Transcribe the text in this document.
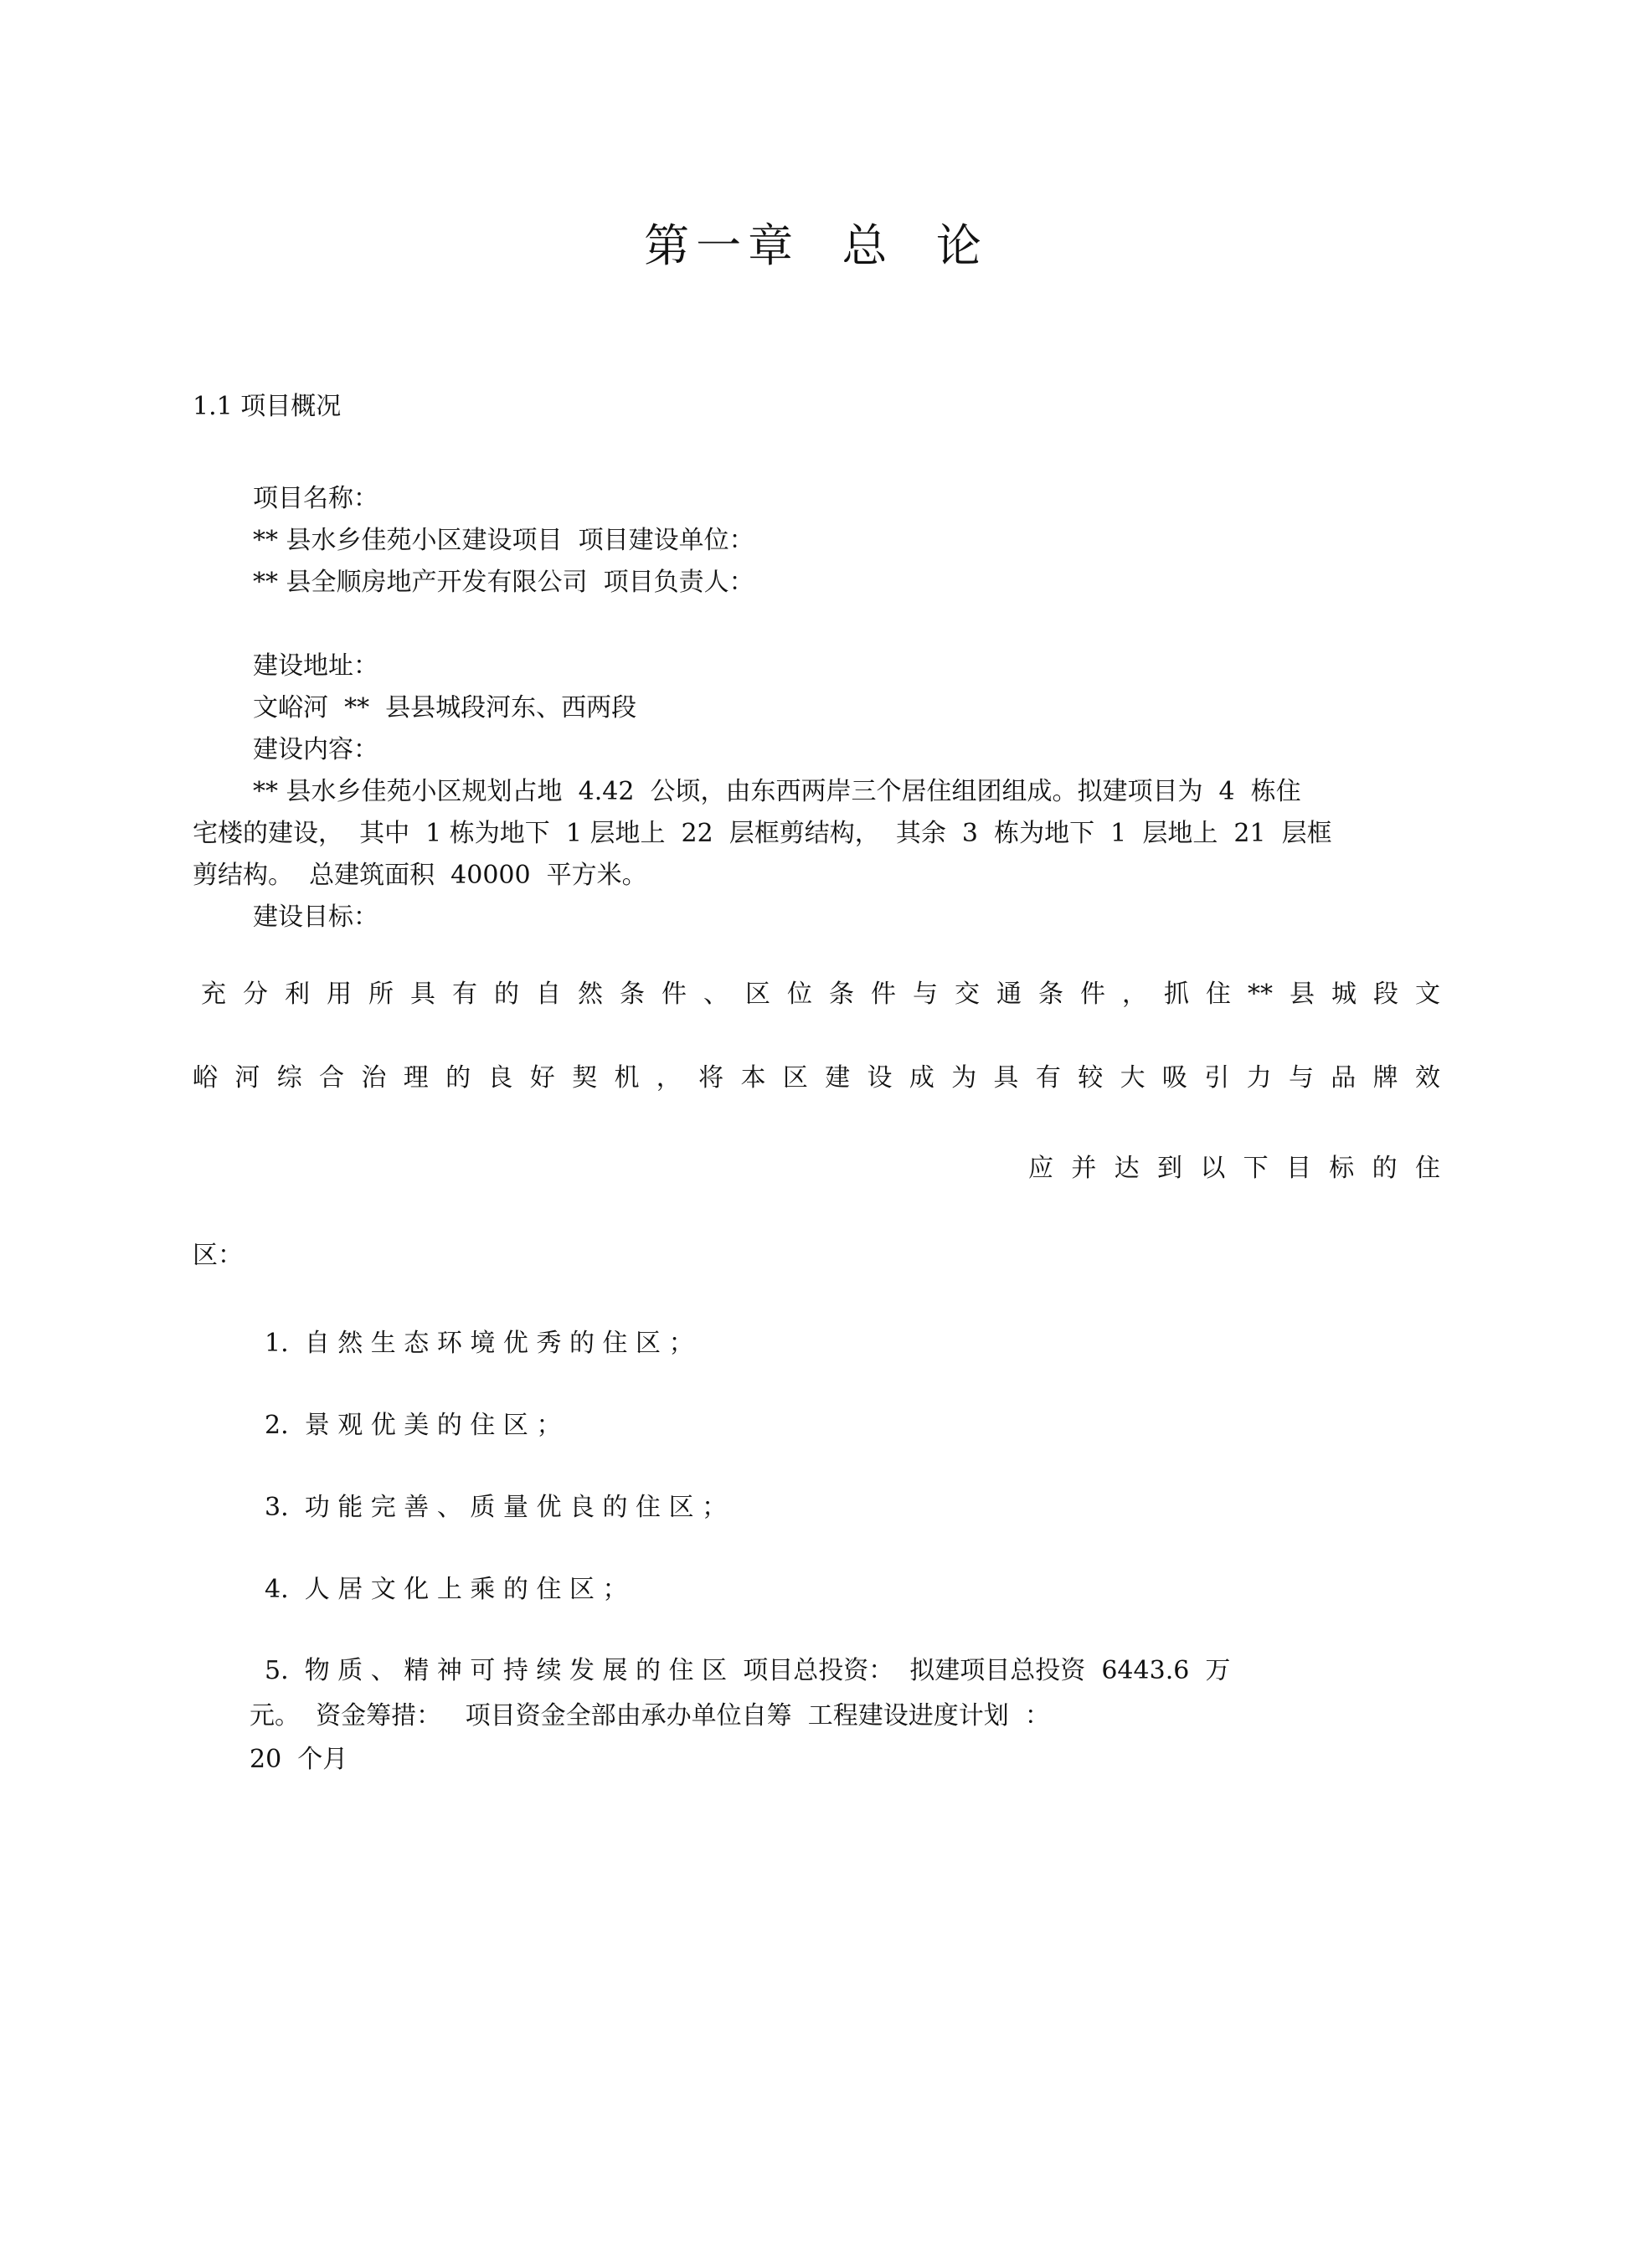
第一章  总  论
1.1 项目概况
项目名称：
** 县水乡佳苑小区建设项目  项目建设单位：
** 县全顺房地产开发有限公司  项目负责人：
建设地址：
文峪河  **  县县城段河东、西两段
建设内容：
** 县水乡佳苑小区规划占地  4.42  公顷，由东西两岸三个居住组团组成。拟建项目为  4  栋住
宅楼的建设，  其中  1 栋为地下  1 层地上  22  层框剪结构，  其余  3  栋为地下  1  层地上  21  层框
剪结构。  总建筑面积  40000  平方米。
建设目标：
充 分 利 用 所 具 有 的 自 然 条 件 、 区 位 条 件 与 交 通 条 件 ， 抓 住 ** 县 城 段 文
峪 河 综 合 治 理 的 良 好 契 机 ， 将 本 区 建 设 成 为 具 有 较 大 吸 引 力 与 品 牌 效
应 并 达 到 以 下 目 标 的 住
区：
1.  自 然 生 态 环 境 优 秀 的 住 区 ；
2.  景 观 优 美 的 住 区 ；
3.  功 能 完 善 、 质 量 优 良 的 住 区 ；
4.  人 居 文 化 上 乘 的 住 区 ；
5.  物 质 、 精 神 可 持 续 发 展 的 住 区  项目总投资：  拟建项目总投资  6443.6  万
元。  资金筹措：   项目资金全部由承办单位自筹  工程建设进度计划  ：
20  个月
